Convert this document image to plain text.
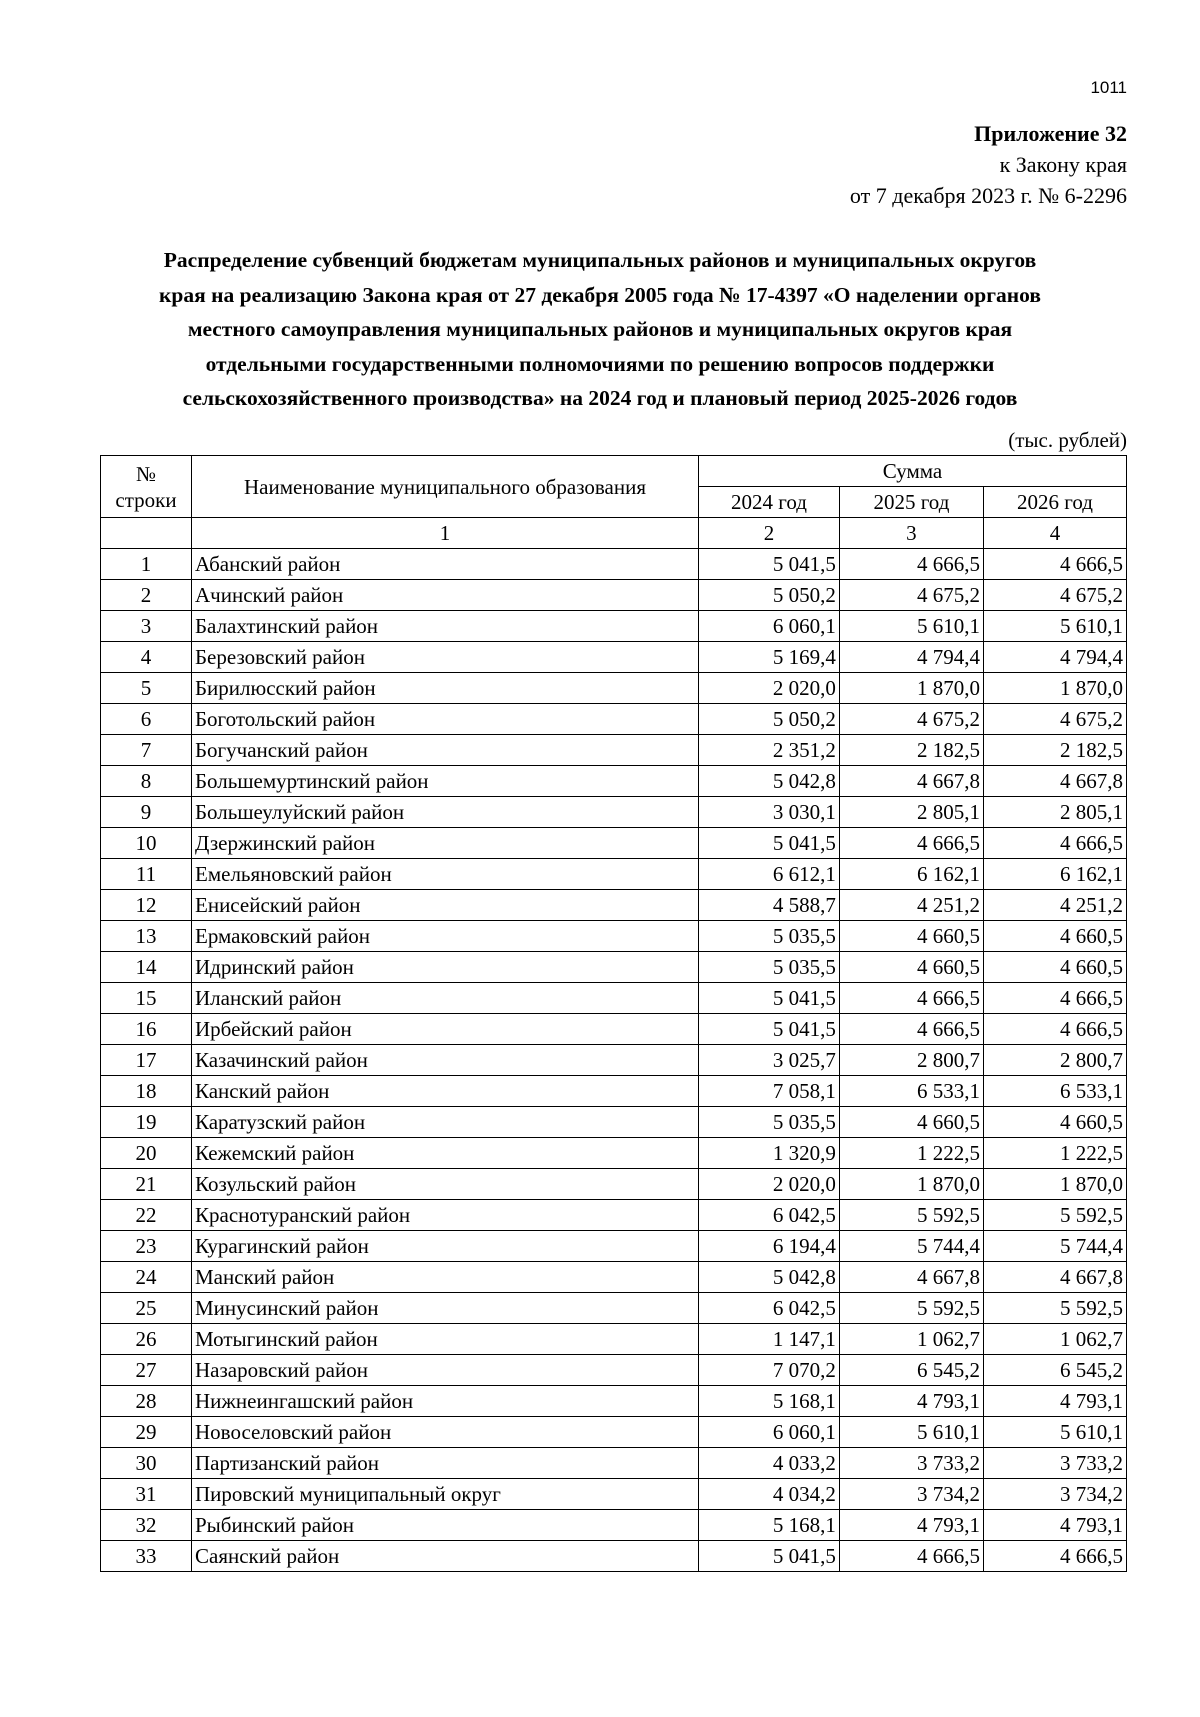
1011
Приложение 32
к Закону края
от 7 декабря 2023 г. № 6-2296
Распределение субвенций бюджетам муниципальных районов и муниципальных округов
края на реализацию Закона края от 27 декабря 2005 года № 17-4397 «О наделении органов
местного самоуправления муниципальных районов и муниципальных округов края
отдельными государственными полномочиями по решению вопросов поддержки
сельскохозяйственного производства» на 2024 год и плановый период 2025-2026 годов
(тыс. рублей)
№
строки	Наименование муниципального образования	Сумма		
		2024 год	2025 год	2026 год
	1	2	3	4
1	Абанский район	5 041,5	4 666,5	4 666,5
2	Ачинский район	5 050,2	4 675,2	4 675,2
3	Балахтинский район	6 060,1	5 610,1	5 610,1
4	Березовский район	5 169,4	4 794,4	4 794,4
5	Бирилюсский район	2 020,0	1 870,0	1 870,0
6	Боготольский район	5 050,2	4 675,2	4 675,2
7	Богучанский район	2 351,2	2 182,5	2 182,5
8	Большемуртинский район	5 042,8	4 667,8	4 667,8
9	Большеулуйский район	3 030,1	2 805,1	2 805,1
10	Дзержинский район	5 041,5	4 666,5	4 666,5
11	Емельяновский район	6 612,1	6 162,1	6 162,1
12	Енисейский район	4 588,7	4 251,2	4 251,2
13	Ермаковский район	5 035,5	4 660,5	4 660,5
14	Идринский район	5 035,5	4 660,5	4 660,5
15	Иланский район	5 041,5	4 666,5	4 666,5
16	Ирбейский район	5 041,5	4 666,5	4 666,5
17	Казачинский район	3 025,7	2 800,7	2 800,7
18	Канский район	7 058,1	6 533,1	6 533,1
19	Каратузский район	5 035,5	4 660,5	4 660,5
20	Кежемский район	1 320,9	1 222,5	1 222,5
21	Козульский район	2 020,0	1 870,0	1 870,0
22	Краснотуранский район	6 042,5	5 592,5	5 592,5
23	Курагинский район	6 194,4	5 744,4	5 744,4
24	Манский район	5 042,8	4 667,8	4 667,8
25	Минусинский район	6 042,5	5 592,5	5 592,5
26	Мотыгинский район	1 147,1	1 062,7	1 062,7
27	Назаровский район	7 070,2	6 545,2	6 545,2
28	Нижнеингашский район	5 168,1	4 793,1	4 793,1
29	Новоселовский район	6 060,1	5 610,1	5 610,1
30	Партизанский район	4 033,2	3 733,2	3 733,2
31	Пировский муниципальный округ	4 034,2	3 734,2	3 734,2
32	Рыбинский район	5 168,1	4 793,1	4 793,1
33	Саянский район	5 041,5	4 666,5	4 666,5
